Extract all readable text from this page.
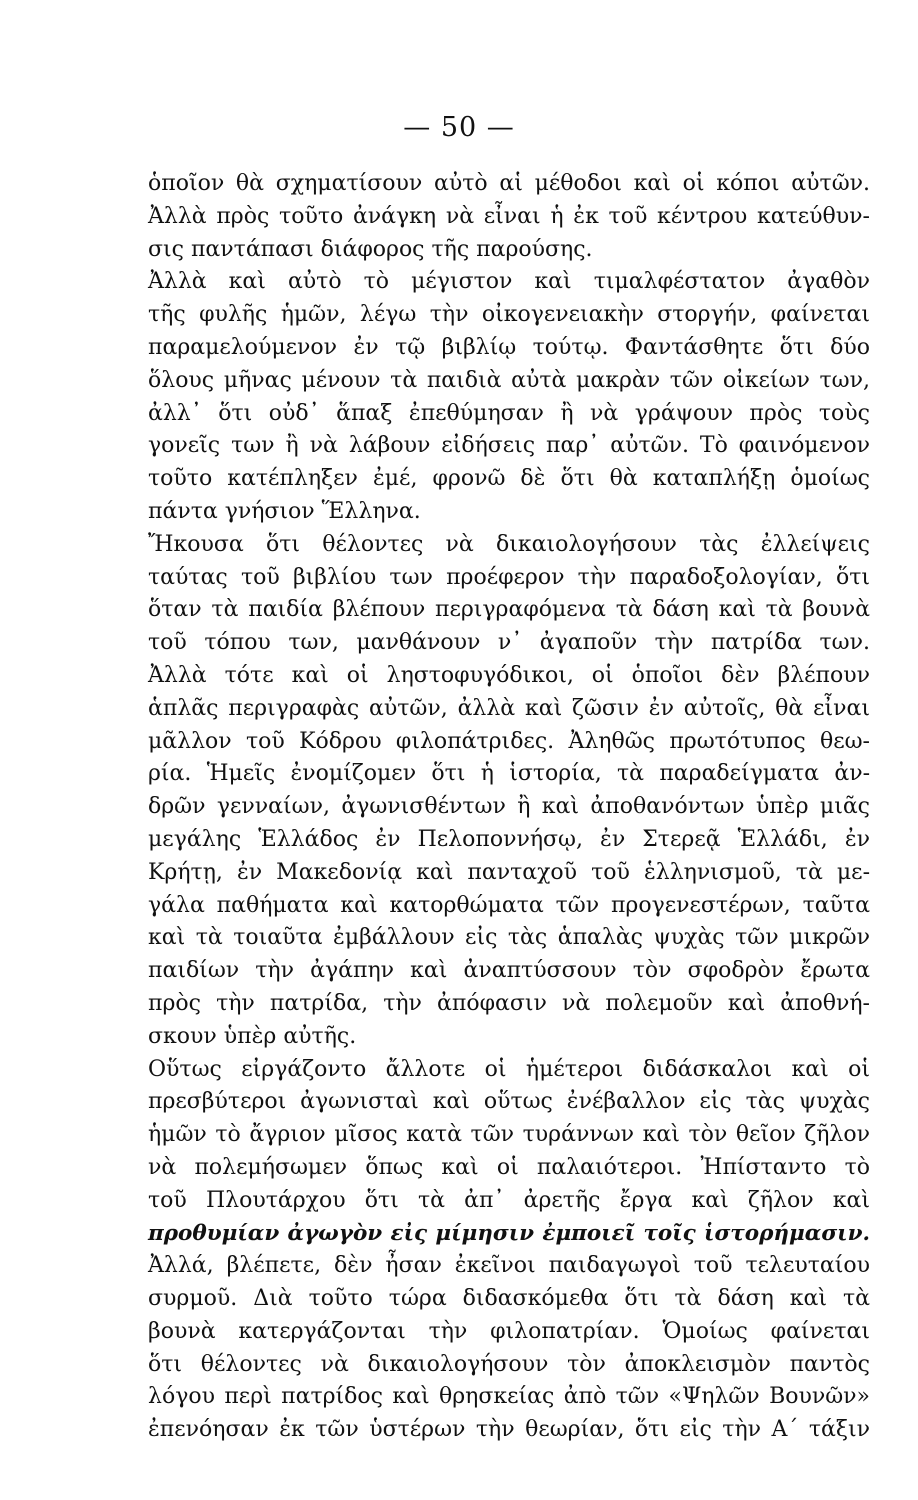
— 50 —
ὁποῖον θὰ σχηματίσουν αὐτὸ αἱ μέθοδοι καὶ οἱ κόποι αὐτῶν.
Ἀλλὰ πρὸς τοῦτο ἀνάγκη νὰ εἶναι ἡ ἐκ τοῦ κέντρου κατεύθυν-
σις παντάπασι διάφορος τῆς παρούσης.
Ἀλλὰ καὶ αὐτὸ τὸ μέγιστον καὶ τιμαλφέστατον ἀγαθὸν
τῆς φυλῆς ἡμῶν, λέγω τὴν οἰκογενειακὴν στοργήν, φαίνεται
παραμελούμενον ἐν τῷ βιβλίῳ τούτῳ. Φαντάσθητε ὅτι δύο
ὅλους μῆνας μένουν τὰ παιδιὰ αὐτὰ μακρὰν τῶν οἰκείων των,
ἀλλ᾿ ὅτι οὐδ᾿ ἅπαξ ἐπεθύμησαν ἢ νὰ γράψουν πρὸς τοὺς
γονεῖς των ἢ νὰ λάβουν εἰδήσεις παρ᾿ αὐτῶν. Τὸ φαινόμενον
τοῦτο κατέπληξεν ἐμέ, φρονῶ δὲ ὅτι θὰ καταπλήξῃ ὁμοίως
πάντα γνήσιον Ἕλληνα.
Ἤκουσα ὅτι θέλοντες νὰ δικαιολογήσουν τὰς ἐλλείψεις
ταύτας τοῦ βιβλίου των προέφερον τὴν παραδοξολογίαν, ὅτι
ὅταν τὰ παιδία βλέπουν περιγραφόμενα τὰ δάση καὶ τὰ βουνὰ
τοῦ τόπου των, μανθάνουν ν᾿ ἀγαποῦν τὴν πατρίδα των.
Ἀλλὰ τότε καὶ οἱ ληστοφυγόδικοι, οἱ ὁποῖοι δὲν βλέπουν
ἁπλᾶς περιγραφὰς αὐτῶν, ἀλλὰ καὶ ζῶσιν ἐν αὐτοῖς, θὰ εἶναι
μᾶλλον τοῦ Κόδρου φιλοπάτριδες. Ἀληθῶς πρωτότυπος θεω-
ρία. Ἡμεῖς ἐνομίζομεν ὅτι ἡ ἱστορία, τὰ παραδείγματα ἀν-
δρῶν γενναίων, ἀγωνισθέντων ἢ καὶ ἀποθανόντων ὑπὲρ μιᾶς
μεγάλης Ἑλλάδος ἐν Πελοποννήσῳ, ἐν Στερεᾷ Ἑλλάδι, ἐν
Κρήτῃ, ἐν Μακεδονίᾳ καὶ πανταχοῦ τοῦ ἑλληνισμοῦ, τὰ με-
γάλα παθήματα καὶ κατορθώματα τῶν προγενεστέρων, ταῦτα
καὶ τὰ τοιαῦτα ἐμβάλλουν εἰς τὰς ἁπαλὰς ψυχὰς τῶν μικρῶν
παιδίων τὴν ἀγάπην καὶ ἀναπτύσσουν τὸν σφοδρὸν ἔρωτα
πρὸς τὴν πατρίδα, τὴν ἀπόφασιν νὰ πολεμοῦν καὶ ἀποθνή-
σκουν ὑπὲρ αὐτῆς.
Οὕτως εἰργάζοντο ἄλλοτε οἱ ἡμέτεροι διδάσκαλοι καὶ οἱ
πρεσβύτεροι ἀγωνισταὶ καὶ οὕτως ἐνέβαλλον εἰς τὰς ψυχὰς
ἡμῶν τὸ ἄγριον μῖσος κατὰ τῶν τυράννων καὶ τὸν θεῖον ζῆλον
νὰ πολεμήσωμεν ὅπως καὶ οἱ παλαιότεροι. Ἠπίσταντο τὸ
τοῦ Πλουτάρχου ὅτι τὰ ἀπ᾿ ἀρετῆς ἔργα καὶ ζῆλον καὶ
προθυμίαν ἀγωγὸν εἰς μίμησιν ἐμποιεῖ τοῖς ἱστορήμασιν.
Ἀλλά, βλέπετε, δὲν ἦσαν ἐκεῖνοι παιδαγωγοὶ τοῦ τελευταίου
συρμοῦ. Διὰ τοῦτο τώρα διδασκόμεθα ὅτι τὰ δάση καὶ τὰ
βουνὰ κατεργάζονται τὴν φιλοπατρίαν. Ὁμοίως φαίνεται
ὅτι θέλοντες νὰ δικαιολογήσουν τὸν ἀποκλεισμὸν παντὸς
λόγου περὶ πατρίδος καὶ θρησκείας ἀπὸ τῶν «Ψηλῶν Βουνῶν»
ἐπενόησαν ἐκ τῶν ὑστέρων τὴν θεωρίαν, ὅτι εἰς τὴν Α΄ τάξιν
